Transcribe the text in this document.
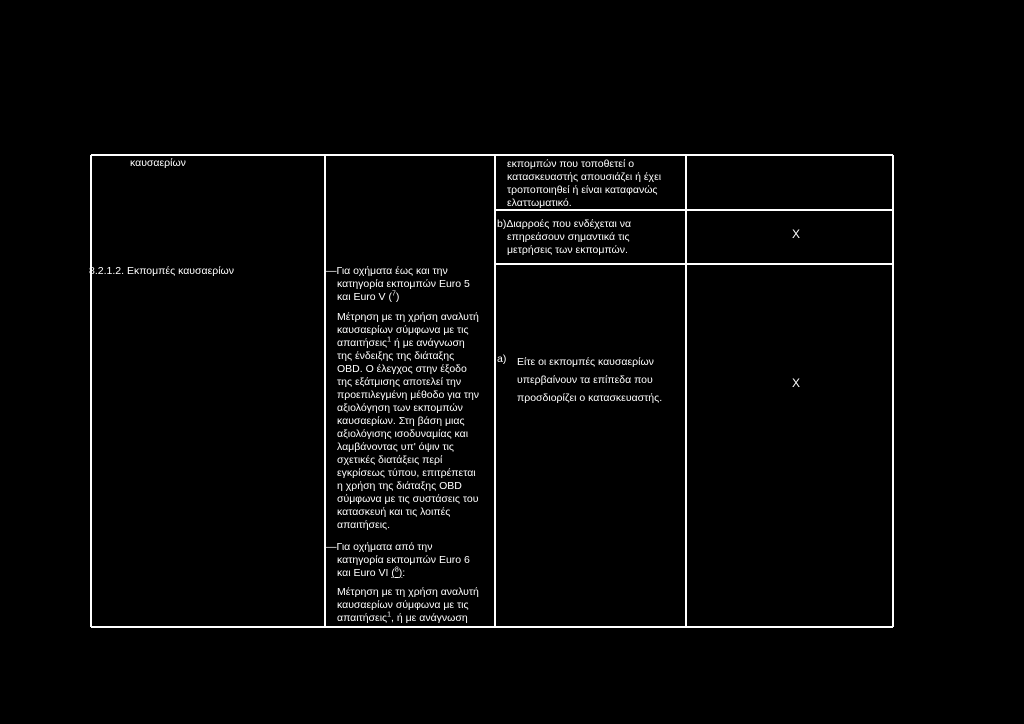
καυσαερίων	εκπομπών που τοποθετεί ο
κατασκευαστής απουσιάζει ή έχει
τροποποιηθεί ή είναι καταφανώς
ελαττωματικό.
b)Διαρροές που ενδέχεται να
επηρεάσουν σημαντικά τις
μετρήσεις των εκπομπών.
X
8.2.1.2. Εκπομπές καυσαερίων	—Για οχήματα έως και την
κατηγορία εκπομπών Euro 5
και Euro V ($^7$)
Μέτρηση με τη χρήση αναλυτή
καυσαερίων σύμφωνα με τις
απαιτήσεις$^1$ ή με ανάγνωση
της ένδειξης της διάταξης
OBD. Ο έλεγχος στην έξοδο
της εξάτμισης αποτελεί την
προεπιλεγμένη μέθοδο για την
αξιολόγηση των εκπομπών
καυσαερίων. Στη βάση μιας
αξιολόγισης ισοδυναμίας και
λαμβάνοντας υπ' όψιν τις
σχετικές διατάξεις περί
εγκρίσεως τύπου, επιτρέπεται
η χρήση της διάταξης OBD
σύμφωνα με τις συστάσεις του
κατασκευή και τις λοιπές
απαιτήσεις.
—Για οχήματα από την
κατηγορία εκπομπών Euro 6
και Euro VI ($^8$):
Μέτρηση με τη χρήση αναλυτή
καυσαερίων σύμφωνα με τις
απαιτήσεις$^1$, ή με ανάγνωση
a) Είτε οι εκπομπές καυσαερίων
υπερβαίνουν τα επίπεδα που
προσδιορίζει ο κατασκευαστής.
X
